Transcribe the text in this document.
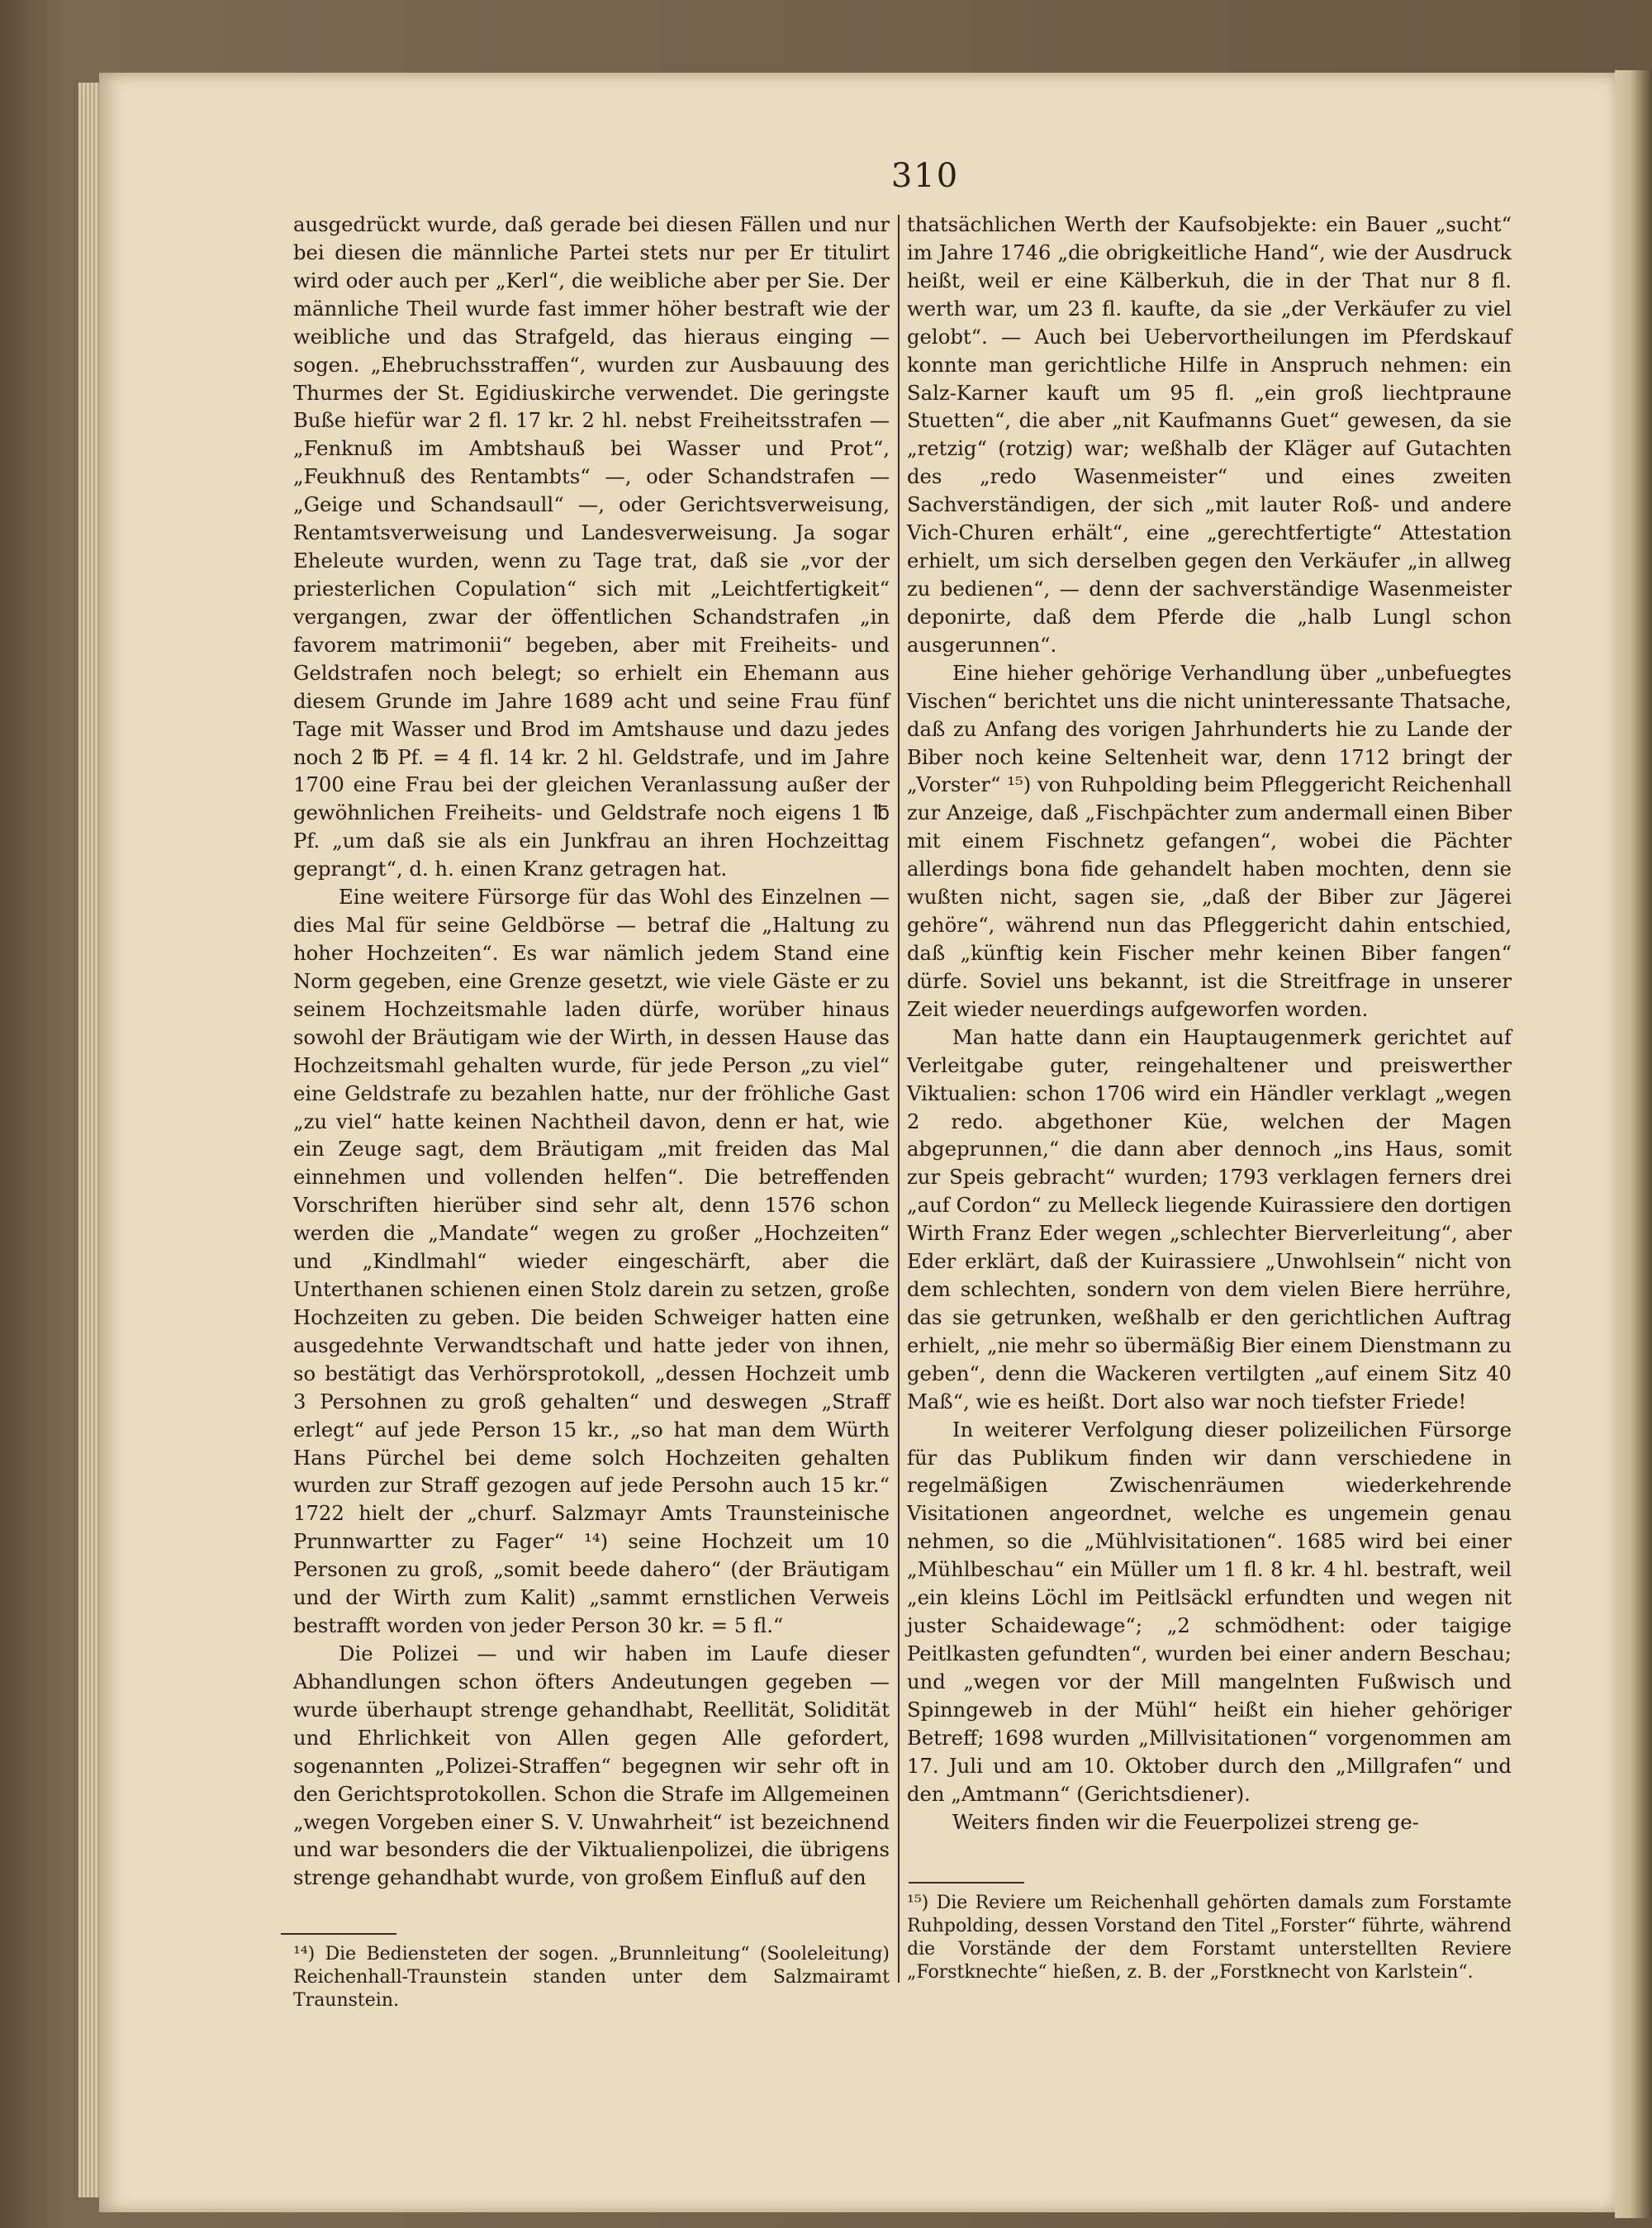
310

ausgedrückt wurde, daß gerade bei diesen Fällen und nur bei diesen die männliche Partei stets nur per Er titulirt wird oder auch per „Kerl“, die weibliche aber per Sie. Der männliche Theil wurde fast immer höher bestraft wie der weibliche und das Strafgeld, das hieraus einging — sogen. „Ehebruchsstraffen“, wurden zur Ausbauung des Thurmes der St. Egidiuskirche verwendet. Die geringste Buße hiefür war 2 fl. 17 kr. 2 hl. nebst Freiheitsstrafen — „Fenknuß im Ambtshauß bei Wasser und Prot“, „Feukhnuß des Rentambts“ —, oder Schandstrafen — „Geige und Schandsaull“ —, oder Gerichtsverweisung, Rentamtsverweisung und Landesverweisung. Ja sogar Eheleute wurden, wenn zu Tage trat, daß sie „vor der priesterlichen Copulation“ sich mit „Leichtfertigkeit“ vergangen, zwar der öffentlichen Schandstrafen „in favorem matrimonii“ begeben, aber mit Freiheits- und Geldstrafen noch belegt; so erhielt ein Ehemann aus diesem Grunde im Jahre 1689 acht und seine Frau fünf Tage mit Wasser und Brod im Amtshause und dazu jedes noch 2 ℔ Pf. = 4 fl. 14 kr. 2 hl. Geldstrafe, und im Jahre 1700 eine Frau bei der gleichen Veranlassung außer der gewöhnlichen Freiheits- und Geldstrafe noch eigens 1 ℔ Pf. „um daß sie als ein Junkfrau an ihren Hochzeittag geprangt“, d. h. einen Kranz getragen hat.

Eine weitere Fürsorge für das Wohl des Einzelnen — dies Mal für seine Geldbörse — betraf die „Haltung zu hoher Hochzeiten“. Es war nämlich jedem Stand eine Norm gegeben, eine Grenze gesetzt, wie viele Gäste er zu seinem Hochzeitsmahle laden dürfe, worüber hinaus sowohl der Bräutigam wie der Wirth, in dessen Hause das Hochzeitsmahl gehalten wurde, für jede Person „zu viel“ eine Geldstrafe zu bezahlen hatte, nur der fröhliche Gast „zu viel“ hatte keinen Nachtheil davon, denn er hat, wie ein Zeuge sagt, dem Bräutigam „mit freiden das Mal einnehmen und vollenden helfen“. Die betreffenden Vorschriften hierüber sind sehr alt, denn 1576 schon werden die „Mandate“ wegen zu großer „Hochzeiten“ und „Kindlmahl“ wieder eingeschärft, aber die Unterthanen schienen einen Stolz darein zu setzen, große Hochzeiten zu geben. Die beiden Schweiger hatten eine ausgedehnte Verwandtschaft und hatte jeder von ihnen, so bestätigt das Verhörsprotokoll, „dessen Hochzeit umb 3 Persohnen zu groß gehalten“ und deswegen „Straff erlegt“ auf jede Person 15 kr., „so hat man dem Würth Hans Pürchel bei deme solch Hochzeiten gehalten wurden zur Straff gezogen auf jede Persohn auch 15 kr.“ 1722 hielt der „churf. Salzmayr Amts Traunsteinische Prunnwartter zu Fager“ ¹⁴) seine Hochzeit um 10 Personen zu groß, „somit beede dahero“ (der Bräutigam und der Wirth zum Kalit) „sammt ernstlichen Verweis bestrafft worden von jeder Person 30 kr. = 5 fl.“

Die Polizei — und wir haben im Laufe dieser Abhandlungen schon öfters Andeutungen gegeben — wurde überhaupt strenge gehandhabt, Reellität, Solidität und Ehrlichkeit von Allen gegen Alle gefordert, sogenannten „Polizei-Straffen“ begegnen wir sehr oft in den Gerichtsprotokollen. Schon die Strafe im Allgemeinen „wegen Vorgeben einer S. V. Unwahrheit“ ist bezeichnend und war besonders die der Viktualienpolizei, die übrigens strenge gehandhabt wurde, von großem Einfluß auf den

thatsächlichen Werth der Kaufsobjekte: ein Bauer „sucht“ im Jahre 1746 „die obrigkeitliche Hand“, wie der Ausdruck heißt, weil er eine Kälberkuh, die in der That nur 8 fl. werth war, um 23 fl. kaufte, da sie „der Verkäufer zu viel gelobt“. — Auch bei Uebervortheilungen im Pferdskauf konnte man gerichtliche Hilfe in Anspruch nehmen: ein Salz-Karner kauft um 95 fl. „ein groß liechtpraune Stuetten“, die aber „nit Kaufmanns Guet“ gewesen, da sie „retzig“ (rotzig) war; weßhalb der Kläger auf Gutachten des „redo Wasenmeister“ und eines zweiten Sachverständigen, der sich „mit lauter Roß- und andere Vich-Churen erhält“, eine „gerechtfertigte“ Attestation erhielt, um sich derselben gegen den Verkäufer „in allweg zu bedienen“, — denn der sachverständige Wasenmeister deponirte, daß dem Pferde die „halb Lungl schon ausgerunnen“.

Eine hieher gehörige Verhandlung über „unbefuegtes Vischen“ berichtet uns die nicht uninteressante Thatsache, daß zu Anfang des vorigen Jahrhunderts hie zu Lande der Biber noch keine Seltenheit war, denn 1712 bringt der „Vorster“ ¹⁵) von Ruhpolding beim Pfleggericht Reichenhall zur Anzeige, daß „Fischpächter zum andermall einen Biber mit einem Fischnetz gefangen“, wobei die Pächter allerdings bona fide gehandelt haben mochten, denn sie wußten nicht, sagen sie, „daß der Biber zur Jägerei gehöre“, während nun das Pfleggericht dahin entschied, daß „künftig kein Fischer mehr keinen Biber fangen“ dürfe. Soviel uns bekannt, ist die Streitfrage in unserer Zeit wieder neuerdings aufgeworfen worden.

Man hatte dann ein Hauptaugenmerk gerichtet auf Verleitgabe guter, reingehaltener und preiswerther Viktualien: schon 1706 wird ein Händler verklagt „wegen 2 redo. abgethoner Küe, welchen der Magen abgeprunnen,“ die dann aber dennoch „ins Haus, somit zur Speis gebracht“ wurden; 1793 verklagen ferners drei „auf Cordon“ zu Melleck liegende Kuirassiere den dortigen Wirth Franz Eder wegen „schlechter Bierverleitung“, aber Eder erklärt, daß der Kuirassiere „Unwohlsein“ nicht von dem schlechten, sondern von dem vielen Biere herrühre, das sie getrunken, weßhalb er den gerichtlichen Auftrag erhielt, „nie mehr so übermäßig Bier einem Dienstmann zu geben“, denn die Wackeren vertilgten „auf einem Sitz 40 Maß“, wie es heißt. Dort also war noch tiefster Friede!

In weiterer Verfolgung dieser polizeilichen Fürsorge für das Publikum finden wir dann verschiedene in regelmäßigen Zwischenräumen wiederkehrende Visitationen angeordnet, welche es ungemein genau nehmen, so die „Mühlvisitationen“. 1685 wird bei einer „Mühlbeschau“ ein Müller um 1 fl. 8 kr. 4 hl. bestraft, weil „ein kleins Löchl im Peitlsäckl erfundten und wegen nit juster Schaidewage“; „2 schmödhent: oder taigige Peitlkasten gefundten“, wurden bei einer andern Beschau; und „wegen vor der Mill mangelnten Fußwisch und Spinngeweb in der Mühl“ heißt ein hieher gehöriger Betreff; 1698 wurden „Millvisitationen“ vorgenommen am 17. Juli und am 10. Oktober durch den „Millgrafen“ und den „Amtmann“ (Gerichtsdiener).

Weiters finden wir die Feuerpolizei streng ge-

¹⁴) Die Bediensteten der sogen. „Brunnleitung“ (Sooleleitung) Reichenhall-Traunstein standen unter dem Salzmairamt Traunstein.
¹⁵) Die Reviere um Reichenhall gehörten damals zum Forstamte Ruhpolding, dessen Vorstand den Titel „Forster“ führte, während die Vorstände der dem Forstamt unterstellten Reviere „Forstknechte“ hießen, z. B. der „Forstknecht von Karlstein“.
